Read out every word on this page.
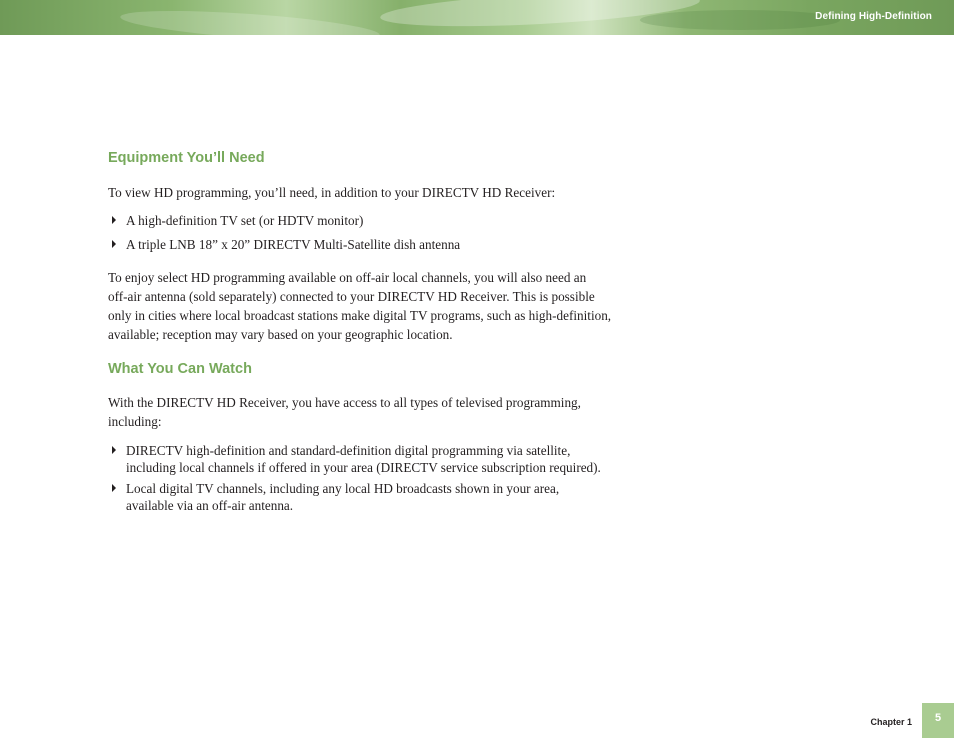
Defining High-Definition
Equipment You’ll Need

To view HD programming, you’ll need, in addition to your DIRECTV HD Receiver:

A high-definition TV set (or HDTV monitor)
A triple LNB 18” x 20” DIRECTV Multi-Satellite dish antenna

To enjoy select HD programming available on off-air local channels, you will also need an
off-air antenna (sold separately) connected to your DIRECTV HD Receiver. This is possible
only in cities where local broadcast stations make digital TV programs, such as high-definition,
available; reception may vary based on your geographic location.

What You Can Watch

With the DIRECTV HD Receiver, you have access to all types of televised programming,
including:

DIRECTV high-definition and standard-definition digital programming via satellite,
including local channels if offered in your area (DIRECTV service subscription required).
Local digital TV channels, including any local HD broadcasts shown in your area,
available via an off-air antenna.
Chapter 1	5
